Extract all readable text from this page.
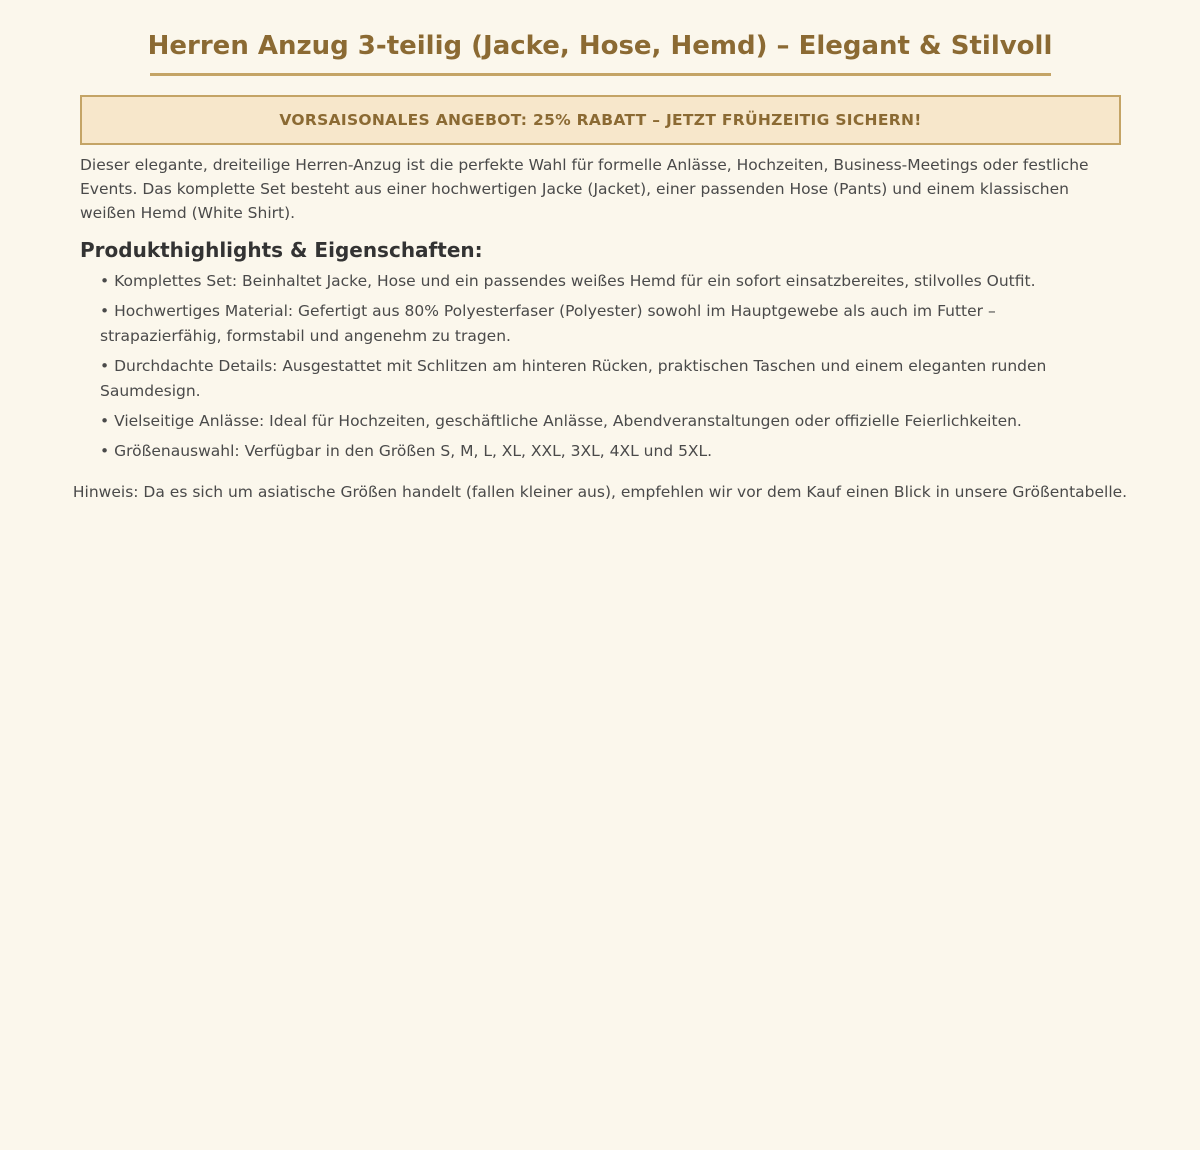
Herren Anzug 3-teilig (Jacke, Hose, Hemd) – Elegant & Stilvoll
VORSAISONALES ANGEBOT: 25% RABATT – JETZT FRÜHZEITIG SICHERN!

Dieser elegante, dreiteilige Herren-Anzug ist die perfekte Wahl für formelle Anlässe, Hochzeiten, Business-Meetings oder festliche Events. Das komplette Set besteht aus einer hochwertigen Jacke (Jacket), einer passenden Hose (Pants) und einem klassischen weißen Hemd (White Shirt).

Produkthighlights & Eigenschaften:
• Komplettes Set: Beinhaltet Jacke, Hose und ein passendes weißes Hemd für ein sofort einsatzbereites, stilvolles Outfit.
• Hochwertiges Material: Gefertigt aus 80% Polyesterfaser (Polyester) sowohl im Hauptgewebe als auch im Futter – strapazierfähig, formstabil und angenehm zu tragen.
• Durchdachte Details: Ausgestattet mit Schlitzen am hinteren Rücken, praktischen Taschen und einem eleganten runden Saumdesign.
• Vielseitige Anlässe: Ideal für Hochzeiten, geschäftliche Anlässe, Abendveranstaltungen oder offizielle Feierlichkeiten.
• Größenauswahl: Verfügbar in den Größen S, M, L, XL, XXL, 3XL, 4XL und 5XL.

Hinweis: Da es sich um asiatische Größen handelt (fallen kleiner aus), empfehlen wir vor dem Kauf einen Blick in unsere Größentabelle.
